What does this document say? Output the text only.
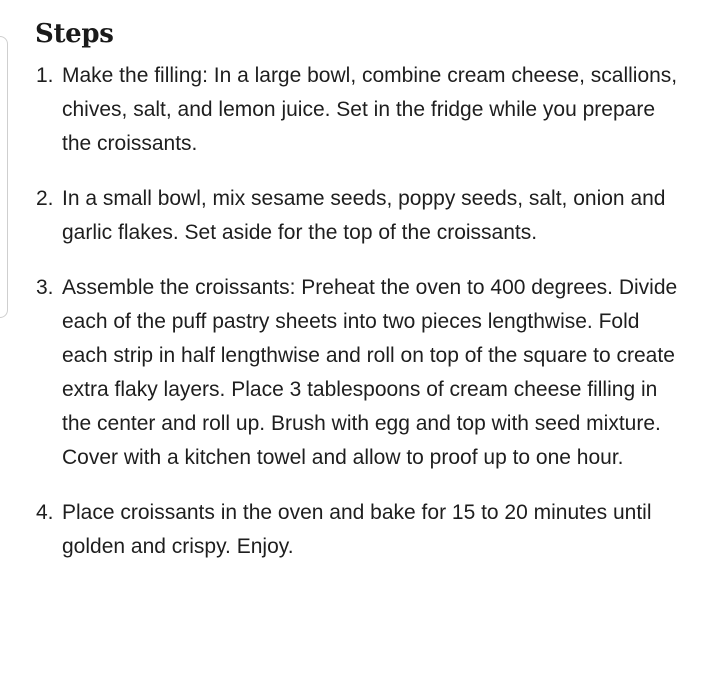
Steps
1. Make the filling: In a large bowl, combine cream cheese, scallions, chives, salt, and lemon juice. Set in the fridge while you prepare the croissants.
2. In a small bowl, mix sesame seeds, poppy seeds, salt, onion and garlic flakes. Set aside for the top of the croissants.
3. Assemble the croissants: Preheat the oven to 400 degrees. Divide each of the puff pastry sheets into two pieces lengthwise. Fold each strip in half lengthwise and roll on top of the square to create extra flaky layers. Place 3 tablespoons of cream cheese filling in the center and roll up. Brush with egg and top with seed mixture. Cover with a kitchen towel and allow to proof up to one hour.
4. Place croissants in the oven and bake for 15 to 20 minutes until golden and crispy. Enjoy.
